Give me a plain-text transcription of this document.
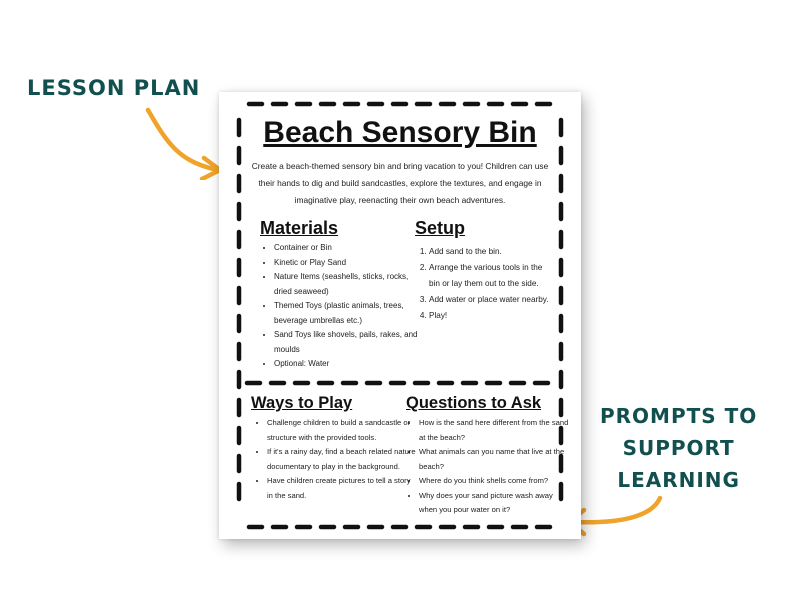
LESSON PLAN
PROMPTS TO
SUPPORT
LEARNING
Beach Sensory Bin
Create a beach-themed sensory bin and bring vacation to you! Children can use their hands to dig and build sandcastles, explore the textures, and engage in imaginative play, reenacting their own beach adventures.
Materials
• Container or Bin
• Kinetic or Play Sand
• Nature Items (seashells, sticks, rocks, dried seaweed)
• Themed Toys (plastic animals, trees, beverage umbrellas etc.)
• Sand Toys like shovels, pails, rakes, and moulds
• Optional: Water
Setup
1. Add sand to the bin.
2. Arrange the various tools in the bin or lay them out to the side.
3. Add water or place water nearby.
4. Play!
Ways to Play
• Challenge children to build a sandcastle or structure with the provided tools.
• If it's a rainy day, find a beach related nature documentary to play in the background.
• Have children create pictures to tell a story in the sand.
Questions to Ask
• How is the sand here different from the sand at the beach?
• What animals can you name that live at the beach?
• Where do you think shells come from?
• Why does your sand picture wash away when you pour water on it?
